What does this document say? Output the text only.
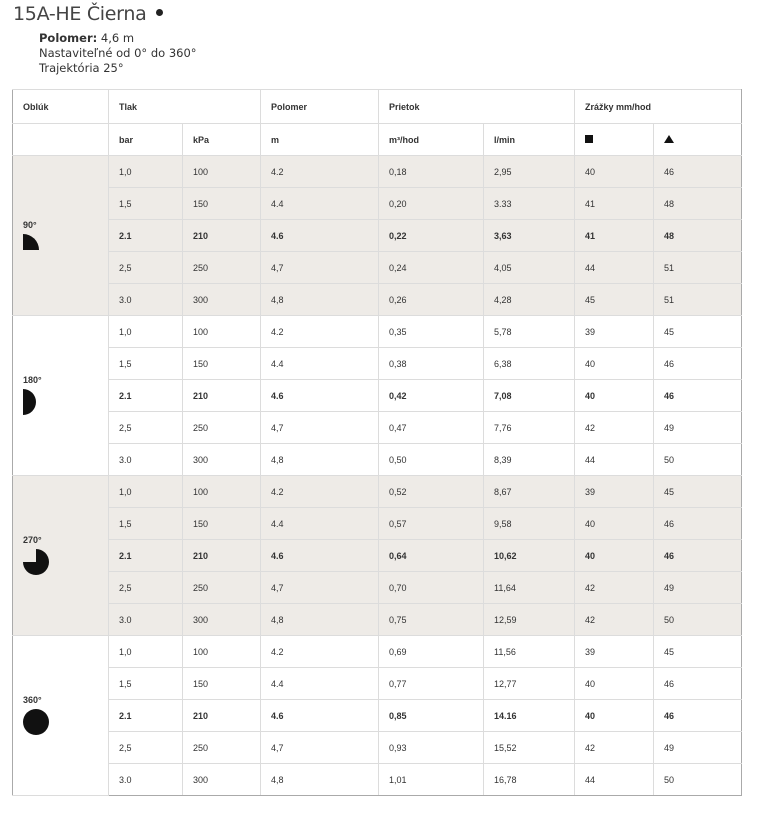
15A-HE Čierna
Polomer: 4,6 m
Nastaviteľné od 0° do 360°
Trajektória 25°
Oblúk	Tlak		Polomer	Prietok		Zrážky mm/hod	
	bar	kPa	m	m³/hod	l/min		

90°	1,0	100	4.2	0,18	2,95	40	46
	1,5	150	4.4	0,20	3.33	41	48
	2.1	210	4.6	0,22	3,63	41	48
	2,5	250	4,7	0,24	4,05	44	51
	3.0	300	4,8	0,26	4,28	45	51

180°	1,0	100	4.2	0,35	5,78	39	45
	1,5	150	4.4	0,38	6,38	40	46
	2.1	210	4.6	0,42	7,08	40	46
	2,5	250	4,7	0,47	7,76	42	49
	3.0	300	4,8	0,50	8,39	44	50

270°	1,0	100	4.2	0,52	8,67	39	45
	1,5	150	4.4	0,57	9,58	40	46
	2.1	210	4.6	0,64	10,62	40	46
	2,5	250	4,7	0,70	11,64	42	49
	3.0	300	4,8	0,75	12,59	42	50

360°	1,0	100	4.2	0,69	11,56	39	45
	1,5	150	4.4	0,77	12,77	40	46
	2.1	210	4.6	0,85	14.16	40	46
	2,5	250	4,7	0,93	15,52	42	49
	3.0	300	4,8	1,01	16,78	44	50
